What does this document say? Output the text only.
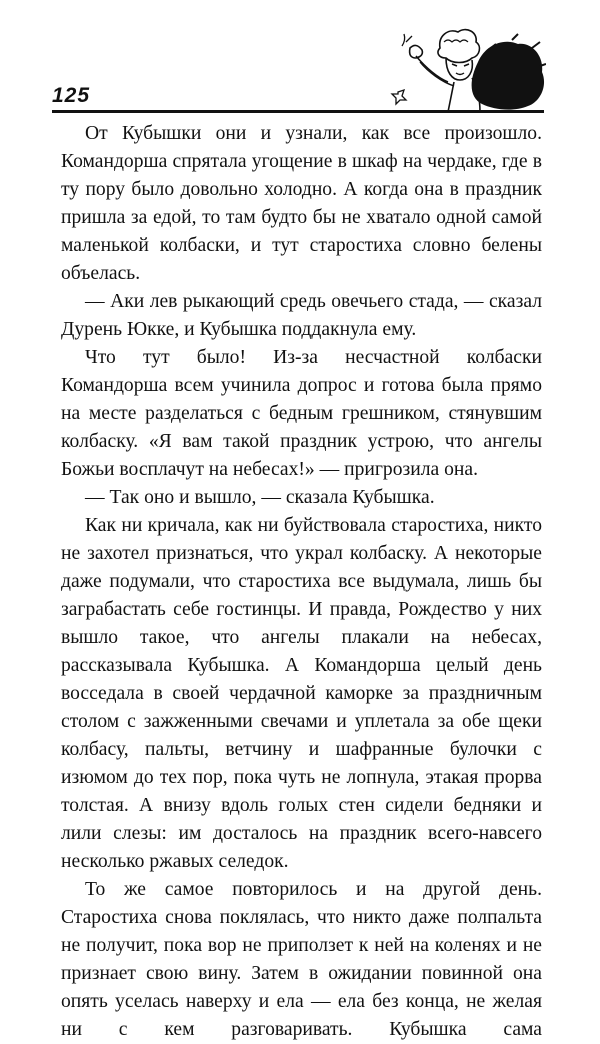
125

От Кубышки они и узнали, как все произошло. Командорша спрятала угощение в шкаф на чердаке, где в ту пору было довольно холодно. А когда она в праздник пришла за едой, то там будто бы не хватало одной самой маленькой колбаски, и тут старостиха словно белены объелась.

— Аки лев рыкающий средь овечьего стада, — сказал Дурень Юкке, и Кубышка поддакнула ему.

Что тут было! Из-за несчастной колбаски Командорша всем учинила допрос и готова была прямо на месте разделаться с бедным грешником, стянувшим колбаску. «Я вам такой праздник устрою, что ангелы Божьи восплачут на небесах!» — пригрозила она.

— Так оно и вышло, — сказала Кубышка.

Как ни кричала, как ни буйствовала старостиха, никто не захотел признаться, что украл колбаску. А некоторые даже подумали, что старостиха все выдумала, лишь бы заграбастать себе гостинцы. И правда, Рождество у них вышло такое, что ангелы плакали на небесах, рассказывала Кубышка. А Командорша целый день восседала в своей чердачной каморке за праздничным столом с зажженными свечами и уплетала за обе щеки колбасу, пальты, ветчину и шафранные булочки с изюмом до тех пор, пока чуть не лопнула, этакая прорва толстая. А внизу вдоль голых стен сидели бедняки и лили слезы: им досталось на праздник всего-навсего несколько ржавых селедок.

То же самое повторилось и на другой день. Старостиха снова поклялась, что никто даже полпальта не получит, пока вор не приползет к ней на коленях и не признает свою вину. Затем в ожидании повинной она опять уселась наверху и ела — ела без конца, не желая ни с кем разговаривать. Кубышка сама
